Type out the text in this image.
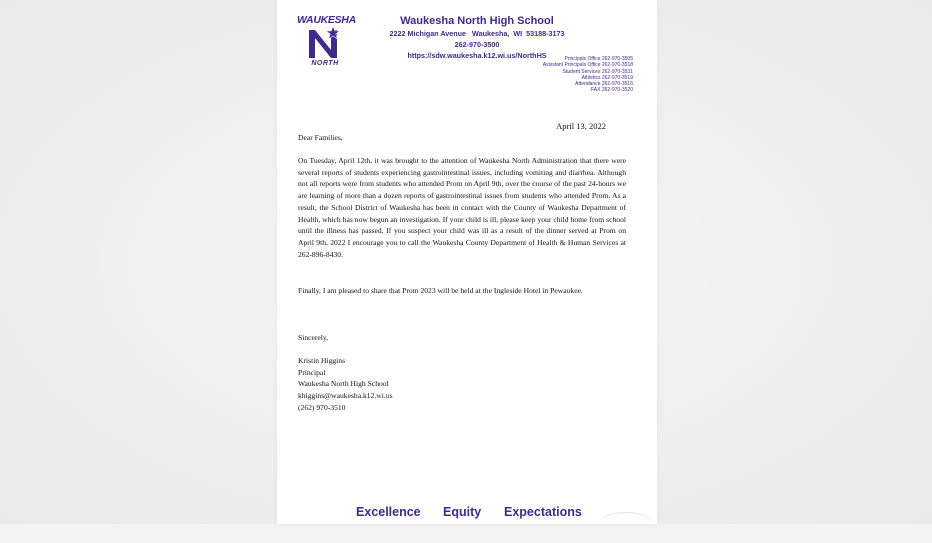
WAUKESHA
NORTH
Waukesha North High School
2222 Michigan Avenue   Waukesha,  WI  53188-3173
262-970-3500
https://sdw.waukesha.k12.wi.us/NorthHS	Principals Office 262-970-3505
Assistant Principals Office 262-970-3518
Student Services 262-970-3531
Athletics 262-970-3519
Attendance 262-970-3516
FAX 262-970-3520
April 13, 2022
Dear Families,
On Tuesday, April 12th, it was brought to the attention of Waukesha North Administration that there were several reports of students experiencing gastrointestinal issues, including vomiting and diarrhea. Although not all reports were from students who attended Prom on April 9th, over the course of the past 24-hours we are learning of more than a dozen reports of gastrointestinal issues from students who attended Prom. As a result, the School District of Waukesha has been in contact with the County of Waukesha Department of Health, which has now begun an investigation. If your child is ill, please keep your child home from school until the illness has passed. If you suspect your child was ill as a result of the dinner served at Prom on April 9th, 2022 I encourage you to call the Waukesha County Department of Health & Human Services at 262-896-8430.
Finally, I am pleased to share that Prom 2023 will be held at the Ingleside Hotel in Pewaukee.
Sincerely,
Kristin Higgins
Principal
Waukesha North High School
khiggins@waukesha.k12.wi.us
(262) 970-3510
Excellence Equity Expectations
